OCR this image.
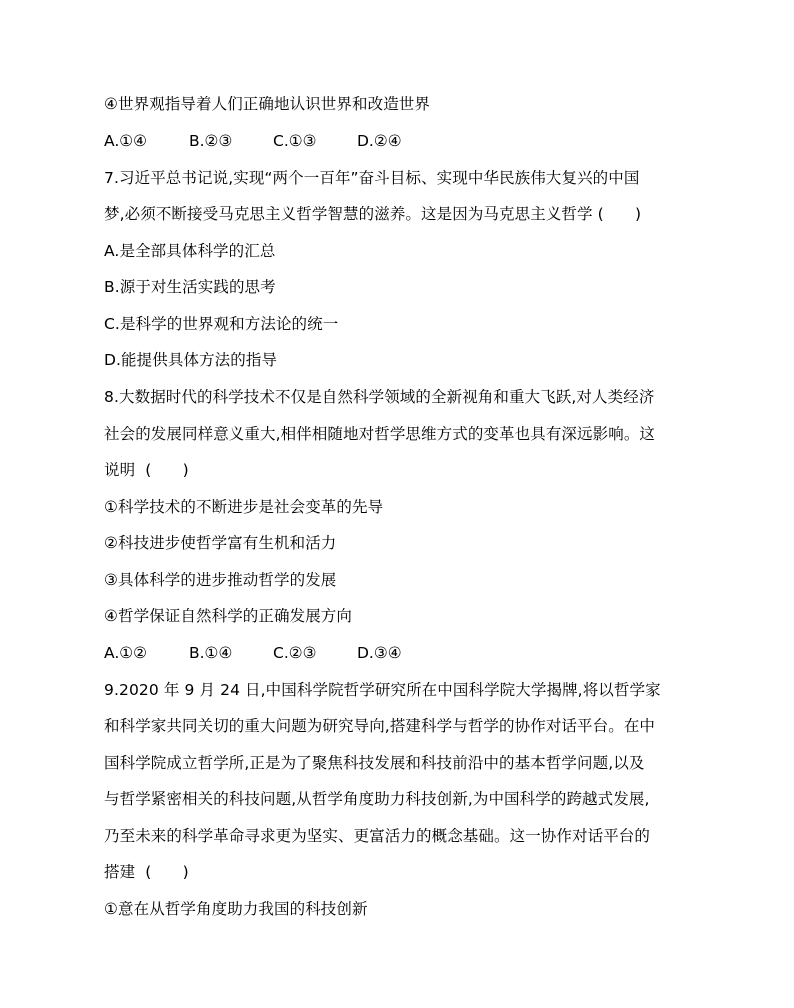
④世界观指导着人们正确地认识世界和改造世界
A.①④	B.②③	C.①③	D.②④
7.习近平总书记说,实现“两个一百年”奋斗目标、实现中华民族伟大复兴的中国
梦,必须不断接受马克思主义哲学智慧的滋养。这是因为马克思主义哲学 (　　)
A.是全部具体科学的汇总
B.源于对生活实践的思考
C.是科学的世界观和方法论的统一
D.能提供具体方法的指导
8.大数据时代的科学技术不仅是自然科学领域的全新视角和重大飞跃,对人类经济
社会的发展同样意义重大,相伴相随地对哲学思维方式的变革也具有深远影响。这
说明  (　　)
①科学技术的不断进步是社会变革的先导
②科技进步使哲学富有生机和活力
③具体科学的进步推动哲学的发展
④哲学保证自然科学的正确发展方向
A.①②	B.①④	C.②③	D.③④
9.2020 年 9 月 24 日,中国科学院哲学研究所在中国科学院大学揭牌,将以哲学家
和科学家共同关切的重大问题为研究导向,搭建科学与哲学的协作对话平台。在中
国科学院成立哲学所,正是为了聚焦科技发展和科技前沿中的基本哲学问题,以及
与哲学紧密相关的科技问题,从哲学角度助力科技创新,为中国科学的跨越式发展,
乃至未来的科学革命寻求更为坚实、更富活力的概念基础。这一协作对话平台的
搭建  (　　)
①意在从哲学角度助力我国的科技创新
